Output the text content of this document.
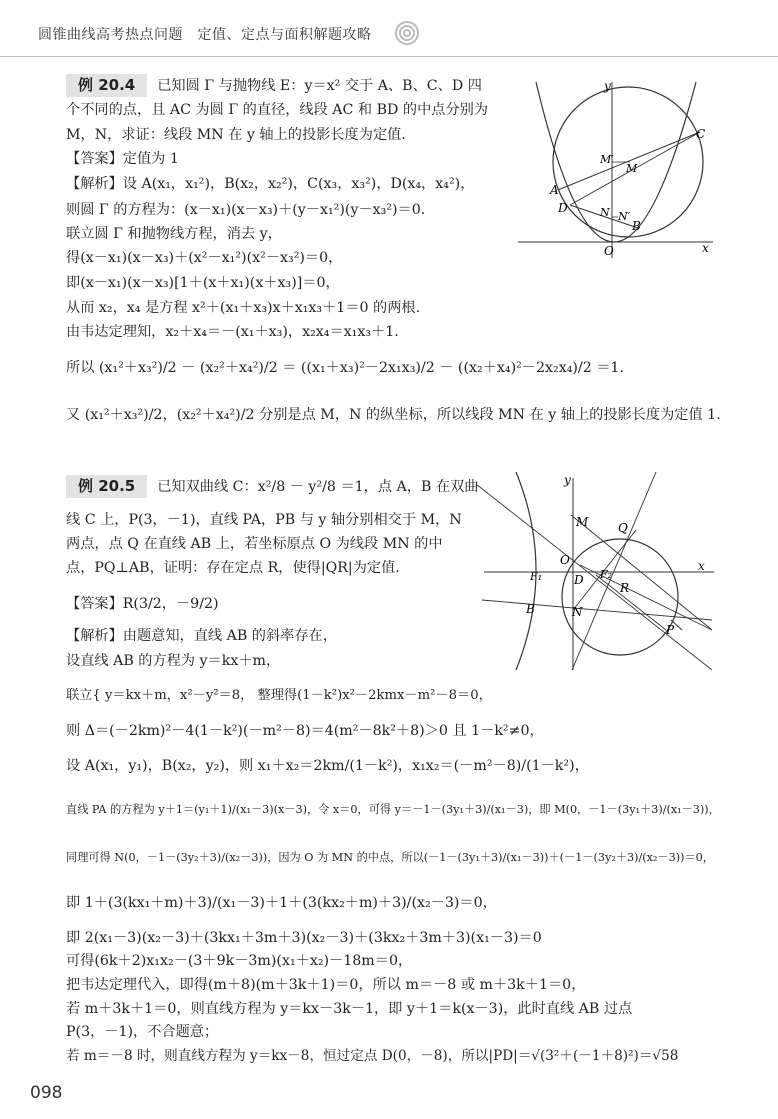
圆锥曲线高考热点问题　定值、定点与面积解题攻略
例 20.4 已知圆 Γ 与抛物线 E：y＝x² 交于 A、B、C、D 四
个不同的点，且 AC 为圆 Γ 的直径，线段 AC 和 BD 的中点分别为
M，N，求证：线段 MN 在 y 轴上的投影长度为定值．
【答案】定值为 1
【解析】设 A(x₁，x₁²)，B(x₂，x₂²)，C(x₃，x₃²)，D(x₄，x₄²)，
则圆 Γ 的方程为：(x－x₁)(x－x₃)＋(y－x₁²)(y－x₃²)＝0.
联立圆 Γ 和抛物线方程，消去 y，
得(x－x₁)(x－x₃)＋(x²－x₁²)(x²－x₃²)＝0，
即(x－x₁)(x－x₃)[1＋(x＋x₁)(x＋x₃)]＝0，
从而 x₂，x₄ 是方程 x²＋(x₁＋x₃)x＋x₁x₃＋1＝0 的两根.
由韦达定理知，x₂＋x₄＝－(x₁＋x₃)，x₂x₄＝x₁x₃＋1.
所以 (x₁²＋x₃²)/2 － (x₂²＋x₄²)/2 ＝ ((x₁＋x₃)²－2x₁x₃)/2 － ((x₂＋x₄)²－2x₂x₄)/2 ＝1.
又 (x₁²＋x₃²)/2，(x₂²＋x₄²)/2 分别是点 M，N 的纵坐标，所以线段 MN 在 y 轴上的投影长度为定值 1.
y
x
O
A
B
C
D
M
M′
N N′
例 20.5 已知双曲线 C：x²/8 － y²/8 ＝1，点 A，B 在双曲
线 C 上，P(3，－1)，直线 PA，PB 与 y 轴分别相交于 M，N
两点，点 Q 在直线 AB 上，若坐标原点 O 为线段 MN 的中
点，PQ⊥AB，证明：存在定点 R，使得|QR|为定值.
【答案】R(3/2，－9/2)
【解析】由题意知，直线 AB 的斜率存在，
设直线 AB 的方程为 y＝kx＋m，
联立{ y＝kx＋m，x²－y²＝8， 整理得(1－k²)x²－2kmx－m²－8＝0，
则 Δ＝(－2km)²－4(1－k²)(－m²－8)＝4(m²－8k²＋8)＞0 且 1－k²≠0，
设 A(x₁，y₁)，B(x₂，y₂)，则 x₁＋x₂＝2km/(1－k²)，x₁x₂＝(－m²－8)/(1－k²)，
直线 PA 的方程为 y＋1＝(y₁＋1)/(x₁－3)(x－3)，令 x＝0，可得 y＝－1－(3y₁＋3)/(x₁－3)，即 M(0，－1－(3y₁＋3)/(x₁－3))，
同理可得 N(0，－1－(3y₂＋3)/(x₂－3))，因为 O 为 MN 的中点，所以(－1－(3y₁＋3)/(x₁－3))＋(－1－(3y₂＋3)/(x₂－3))＝0，
即 1＋(3(kx₁＋m)＋3)/(x₁－3)＋1＋(3(kx₂＋m)＋3)/(x₂－3)＝0，
即 2(x₁－3)(x₂－3)＋(3kx₁＋3m＋3)(x₂－3)＋(3kx₂＋3m＋3)(x₁－3)＝0
可得(6k＋2)x₁x₂－(3＋9k－3m)(x₁＋x₂)－18m＝0，
把韦达定理代入，即得(m＋8)(m＋3k＋1)＝0，所以 m＝－8 或 m＋3k＋1＝0，
若 m＋3k＋1＝0，则直线方程为 y＝kx－3k－1，即 y＋1＝k(x－3)，此时直线 AB 过点
P(3，－1)，不合题意；
若 m＝－8 时，则直线方程为 y＝kx－8，恒过定点 D(0，－8)，所以|PD|＝√(3²＋(－1＋8)²)＝√58
y
x
O
M
N
Q
D
F₁	F₂
R
B
P
098
